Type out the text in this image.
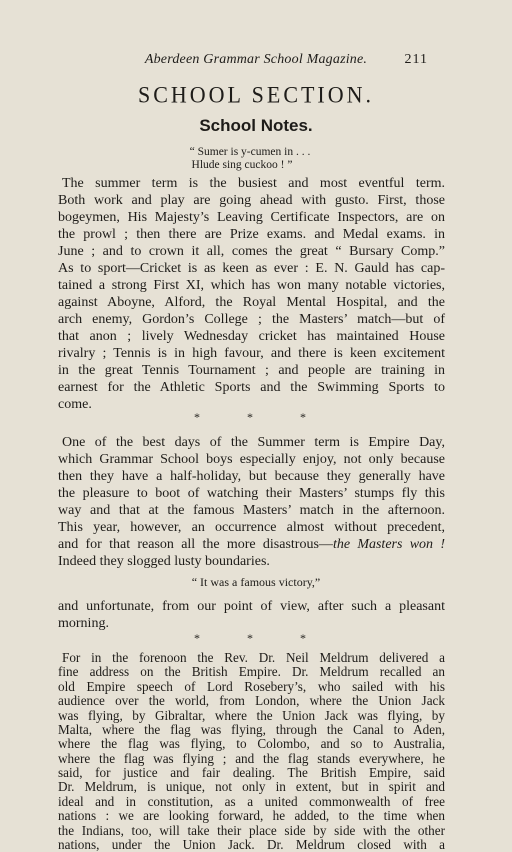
Aberdeen Grammar School Magazine.	211
SCHOOL SECTION.
School Notes.
“ Sumer is y-cumen in . . .
Hlude sing cuckoo ! ”
The summer term is the busiest and most eventful term.
Both work and play are going ahead with gusto. First, those
bogeymen, His Majesty’s Leaving Certificate Inspectors, are on
the prowl ; then there are Prize exams. and Medal exams. in
June ; and to crown it all, comes the great “ Bursary Comp.”
As to sport—Cricket is as keen as ever : E. N. Gauld has cap-
tained a strong First XI, which has won many notable victories,
against Aboyne, Alford, the Royal Mental Hospital, and the
arch enemy, Gordon’s College ; the Masters’ match—but of
that anon ; lively Wednesday cricket has maintained House
rivalry ; Tennis is in high favour, and there is keen excitement
in the great Tennis Tournament ; and people are training in
earnest for the Athletic Sports and the Swimming Sports to
come.
* * *
One of the best days of the Summer term is Empire Day,
which Grammar School boys especially enjoy, not only because
then they have a half-holiday, but because they generally have
the pleasure to boot of watching their Masters’ stumps fly this
way and that at the famous Masters’ match in the afternoon.
This year, however, an occurrence almost without precedent,
and for that reason all the more disastrous—the Masters won !
Indeed they slogged lusty boundaries.
“ It was a famous victory,”
and unfortunate, from our point of view, after such a pleasant
morning.
* * *
For in the forenoon the Rev. Dr. Neil Meldrum delivered a
fine address on the British Empire. Dr. Meldrum recalled an
old Empire speech of Lord Rosebery’s, who sailed with his
audience over the world, from London, where the Union Jack
was flying, by Gibraltar, where the Union Jack was flying, by
Malta, where the flag was flying, through the Canal to Aden,
where the flag was flying, to Colombo, and so to Australia,
where the flag was flying ; and the flag stands everywhere, he
said, for justice and fair dealing. The British Empire, said
Dr. Meldrum, is unique, not only in extent, but in spirit and
ideal and in constitution, as a united commonwealth of free
nations : we are looking forward, he added, to the time when
the Indians, too, will take their place side by side with the other
nations, under the Union Jack. Dr. Meldrum closed with a
